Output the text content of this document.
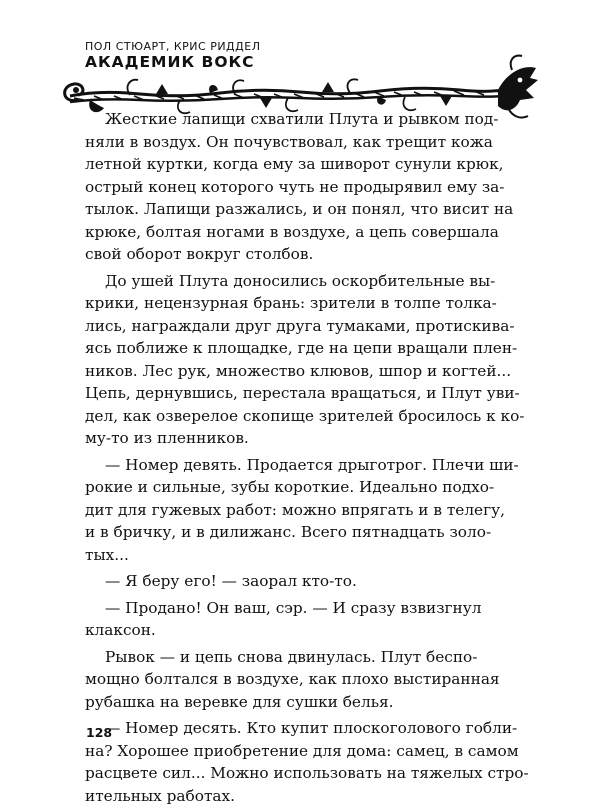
ПОЛ СТЮАРТ, КРИС РИДДЕЛ
АКАДЕМИК ВОКС

Жесткие лапищи схватили Плута и рывком под-
няли в воздух. Он почувствовал, как трещит кожа
летной куртки, когда ему за шиворот сунули крюк,
острый конец которого чуть не продырявил ему за-
тылок. Лапищи разжались, и он понял, что висит на
крюке, болтая ногами в воздухе, а цепь совершала
свой оборот вокруг столбов.

До ушей Плута доносились оскорбительные вы-
крики, нецензурная брань: зрители в толпе толка-
лись, награждали друг друга тумаками, протискива-
ясь поближе к площадке, где на цепи вращали плен-
ников. Лес рук, множество клювов, шпор и когтей...
Цепь, дернувшись, перестала вращаться, и Плут уви-
дел, как озверелое скопище зрителей бросилось к ко-
му-то из пленников.

— Номер девять. Продается дрыготрог. Плечи ши-
рокие и сильные, зубы короткие. Идеально подхо-
дит для гужевых работ: можно впрягать и в телегу,
и в бричку, и в дилижанс. Всего пятнадцать золо-
тых...

— Я беру его! — заорал кто-то.

— Продано! Он ваш, сэр. — И сразу взвизгнул
клаксон.

Рывок — и цепь снова двинулась. Плут беспо-
мощно болтался в воздухе, как плохо выстиранная
рубашка на веревке для сушки белья.

— Номер десять. Кто купит плоскоголового гобли-
на? Хорошее приобретение для дома: самец, в самом
расцвете сил... Можно использовать на тяжелых стро-
ительных работах.

128
